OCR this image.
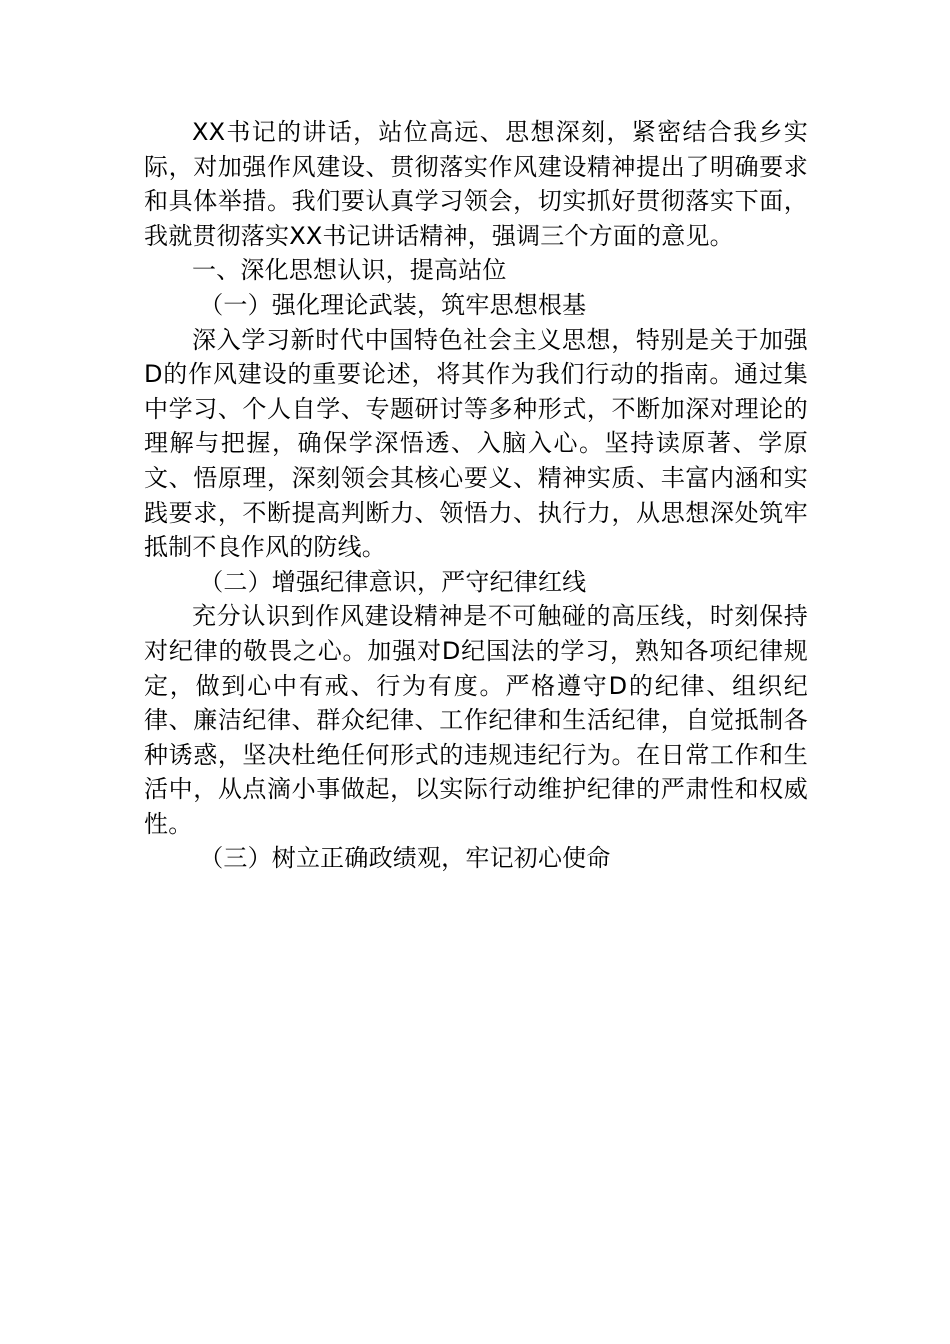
XX书记的讲话，站位高远、思想深刻，紧密结合我乡实际，对加强作风建设、贯彻落实作风建设精神提出了明确要求和具体举措。我们要认真学习领会，切实抓好贯彻落实下面，我就贯彻落实XX书记讲话精神，强调三个方面的意见。

一、深化思想认识，提高站位

（一）强化理论武装，筑牢思想根基

深入学习新时代中国特色社会主义思想，特别是关于加强D的作风建设的重要论述，将其作为我们行动的指南。通过集中学习、个人自学、专题研讨等多种形式，不断加深对理论的理解与把握，确保学深悟透、入脑入心。坚持读原著、学原文、悟原理，深刻领会其核心要义、精神实质、丰富内涵和实践要求，不断提高判断力、领悟力、执行力，从思想深处筑牢抵制不良作风的防线。

（二）增强纪律意识，严守纪律红线

充分认识到作风建设精神是不可触碰的高压线，时刻保持对纪律的敬畏之心。加强对D纪国法的学习，熟知各项纪律规定，做到心中有戒、行为有度。严格遵守D的纪律、组织纪律、廉洁纪律、群众纪律、工作纪律和生活纪律，自觉抵制各种诱惑，坚决杜绝任何形式的违规违纪行为。在日常工作和生活中，从点滴小事做起，以实际行动维护纪律的严肃性和权威性。

（三）树立正确政绩观，牢记初心使命
